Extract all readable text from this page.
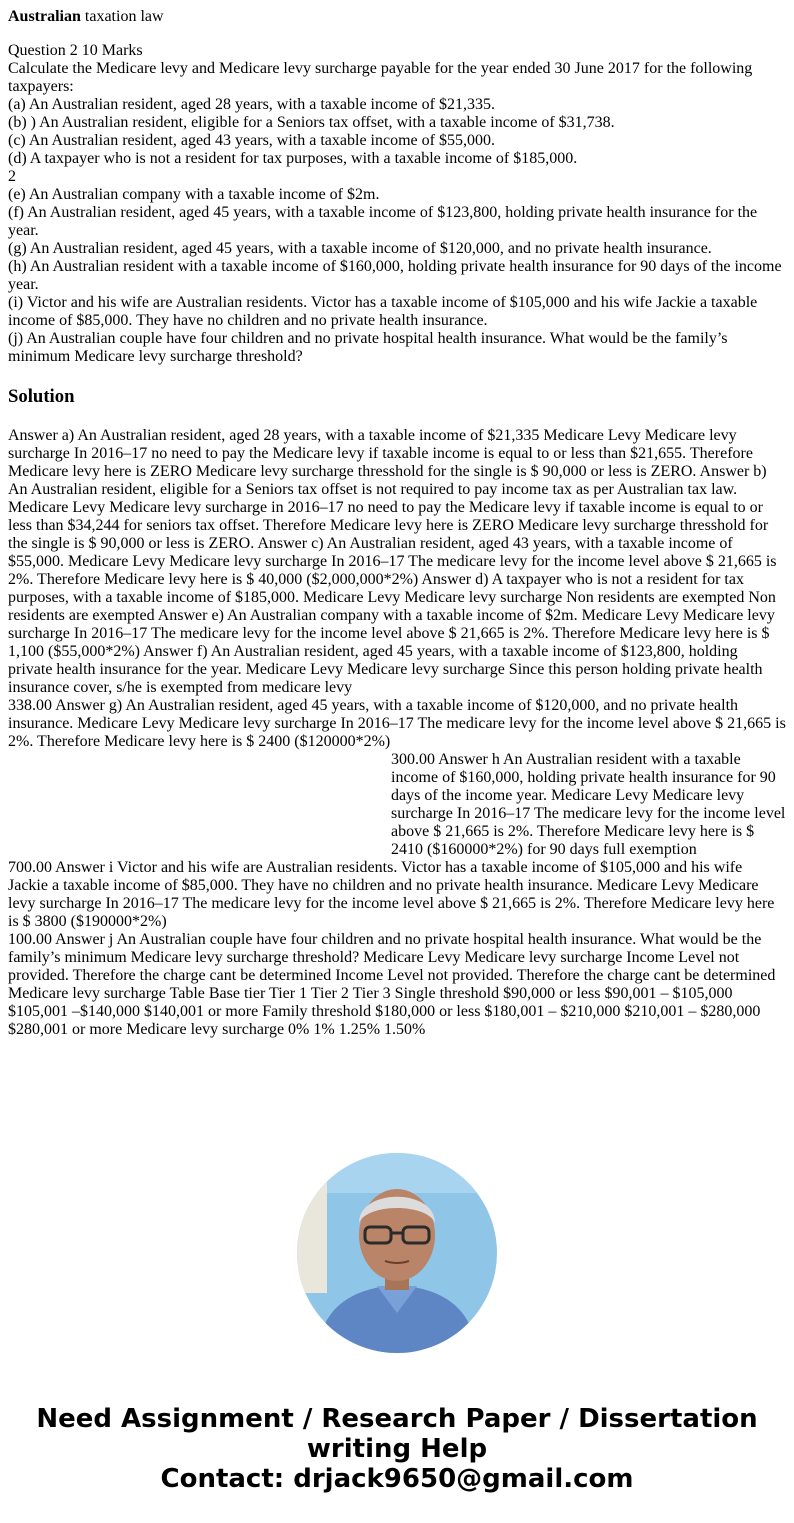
Australian taxation law

Question 2 10 Marks

Calculate the Medicare levy and Medicare levy surcharge payable for the year ended 30 June 2017 for the following taxpayers:

(a) An Australian resident, aged 28 years, with a taxable income of $21,335.

(b) ) An Australian resident, eligible for a Seniors tax offset, with a taxable income of $31,738.

(c) An Australian resident, aged 43 years, with a taxable income of $55,000.

(d) A taxpayer who is not a resident for tax purposes, with a taxable income of $185,000.

2

(e) An Australian company with a taxable income of $2m.

(f) An Australian resident, aged 45 years, with a taxable income of $123,800, holding private health insurance for the year.

(g) An Australian resident, aged 45 years, with a taxable income of $120,000, and no private health insurance.

(h) An Australian resident with a taxable income of $160,000, holding private health insurance for 90 days of the income year.

(i) Victor and his wife are Australian residents. Victor has a taxable income of $105,000 and his wife Jackie a taxable income of $85,000. They have no children and no private health insurance.

(j) An Australian couple have four children and no private hospital health insurance. What would be the family’s minimum Medicare levy surcharge threshold?

Solution

Answer a) An Australian resident, aged 28 years, with a taxable income of $21,335 Medicare Levy Medicare levy surcharge In 2016–17 no need to pay the Medicare levy if taxable income is equal to or less than $21,655. Therefore Medicare levy here is ZERO Medicare levy surcharge thresshold for the single is $ 90,000 or less is ZERO. Answer b) An Australian resident, eligible for a Seniors tax offset is not required to pay income tax as per Australian tax law. Medicare Levy Medicare levy surcharge in 2016–17 no need to pay the Medicare levy if taxable income is equal to or less than $34,244 for seniors tax offset. Therefore Medicare levy here is ZERO Medicare levy surcharge thresshold for the single is $ 90,000 or less is ZERO. Answer c) An Australian resident, aged 43 years, with a taxable income of $55,000. Medicare Levy Medicare levy surcharge In 2016–17 The medicare levy for the income level above $ 21,665 is 2%. Therefore Medicare levy here is $ 40,000 ($2,000,000*2%) Answer d) A taxpayer who is not a resident for tax purposes, with a taxable income of $185,000. Medicare Levy Medicare levy surcharge Non residents are exempted Non residents are exempted Answer e) An Australian company with a taxable income of $2m. Medicare Levy Medicare levy surcharge In 2016–17 The medicare levy for the income level above $ 21,665 is 2%. Therefore Medicare levy here is $ 1,100 ($55,000*2%) Answer f) An Australian resident, aged 45 years, with a taxable income of $123,800, holding private health insurance for the year. Medicare Levy Medicare levy surcharge Since this person holding private health insurance cover, s/he is exempted from medicare levy

338.00 Answer g) An Australian resident, aged 45 years, with a taxable income of $120,000, and no private health insurance. Medicare Levy Medicare levy surcharge In 2016–17 The medicare levy for the income level above $ 21,665 is 2%. Therefore Medicare levy here is $ 2400 ($120000*2%)

300.00 Answer h An Australian resident with a taxable income of $160,000, holding private health insurance for 90 days of the income year. Medicare Levy Medicare levy surcharge In 2016–17 The medicare levy for the income level above $ 21,665 is 2%. Therefore Medicare levy here is $ 2410 ($160000*2%) for 90 days full exemption

700.00 Answer i Victor and his wife are Australian residents. Victor has a taxable income of $105,000 and his wife Jackie a taxable income of $85,000. They have no children and no private health insurance. Medicare Levy Medicare levy surcharge In 2016–17 The medicare levy for the income level above $ 21,665 is 2%. Therefore Medicare levy here is $ 3800 ($190000*2%)

100.00 Answer j An Australian couple have four children and no private hospital health insurance. What would be the family’s minimum Medicare levy surcharge threshold? Medicare Levy Medicare levy surcharge Income Level not provided. Therefore the charge cant be determined Income Level not provided. Therefore the charge cant be determined Medicare levy surcharge Table Base tier Tier 1 Tier 2 Tier 3 Single threshold $90,000 or less $90,001 – $105,000 $105,001 –$140,000 $140,001 or more Family threshold $180,000 or less $180,001 – $210,000 $210,001 – $280,000 $280,001 or more Medicare levy surcharge 0% 1% 1.25% 1.50%

Need Assignment / Research Paper / Dissertation
writing Help
Contact: drjack9650@gmail.com
